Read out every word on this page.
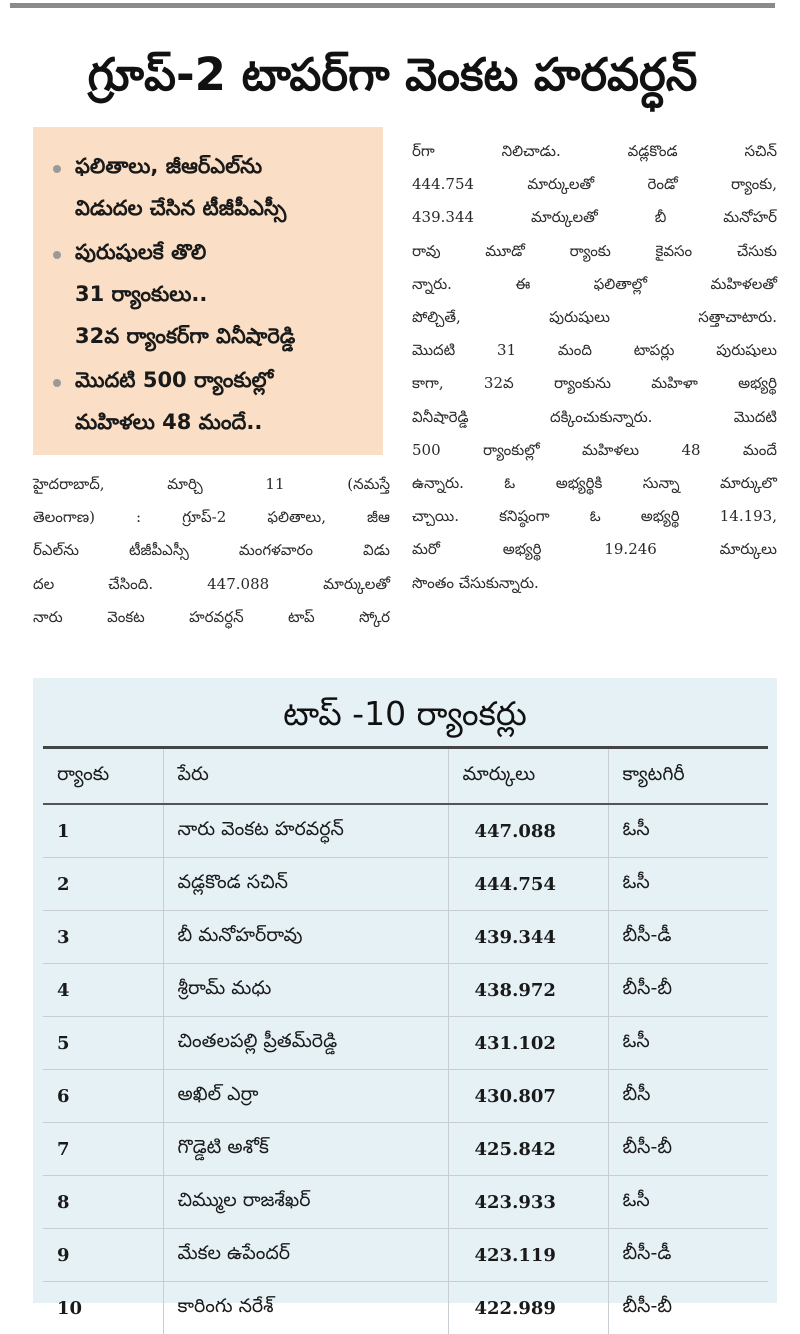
గ్రూప్‌-2 టాపర్‌గా వెంకట హరవర్ధన్‌
ఫలితాలు, జీఆర్‌ఎల్‌ను
విడుదల చేసిన టీజీపీఎస్సీ
పురుషులకే తొలి
31 ర్యాంకులు..
32వ ర్యాంకర్‌గా వినీషారెడ్డి
మొదటి 500 ర్యాంకుల్లో
మహిళలు 48 మందే..
హైదరాబాద్‌, మార్చి 11 (నమస్తే
తెలంగాణ) : గ్రూప్‌-2 ఫలితాలు, జీఆ
ర్‌ఎల్‌ను టీజీపీఎస్సీ మంగళవారం విడు
దల చేసింది. 447.088 మార్కులతో
నారు వెంకట హరవర్ధన్‌ టాప్‌ స్కోర
ర్‌గా నిలిచాడు. వడ్లకొండ సచిన్‌
444.754 మార్కులతో రెండో ర్యాంకు,
439.344 మార్కులతో బీ మనోహర్‌
రావు మూడో ర్యాంకు కైవసం చేసుకు
న్నారు. ఈ ఫలితాల్లో మహిళలతో
పోల్చితే, పురుషులు సత్తాచాటారు.
మొదటి 31 మంది టాపర్లు పురుషులు
కాగా, 32వ ర్యాంకును మహిళా అభ్యర్థి
వినీషారెడ్డి దక్కించుకున్నారు. మొదటి
500 ర్యాంకుల్లో మహిళలు 48 మందే
ఉన్నారు. ఓ అభ్యర్థికి సున్నా మార్కులొ
చ్చాయి. కనిష్ఠంగా ఓ అభ్యర్థి 14.193,
మరో అభ్యర్థి 19.246 మార్కులు
సొంతం చేసుకున్నారు.
టాప్‌ -10 ర్యాంకర్లు
ర్యాంకు	పేరు	మార్కులు	క్యాటగిరీ
1	నారు వెంకట హరవర్ధన్‌	447.088	ఓసీ
2	వడ్లకొండ సచిన్‌	444.754	ఓసీ
3	బీ మనోహర్‌రావు	439.344	బీసీ-డీ
4	శ్రీరామ్‌ మధు	438.972	బీసీ-బీ
5	చింతలపల్లి ప్రీతమ్‌రెడ్డి	431.102	ఓసీ
6	అఖిల్‌ ఎర్రా	430.807	బీసీ
7	గొడ్డెటి అశోక్‌	425.842	బీసీ-బీ
8	చిమ్ముల రాజశేఖర్‌	423.933	ఓసీ
9	మేకల ఉపేందర్‌	423.119	బీసీ-డీ
10	కారింగు నరేశ్‌	422.989	బీసీ-బీ
